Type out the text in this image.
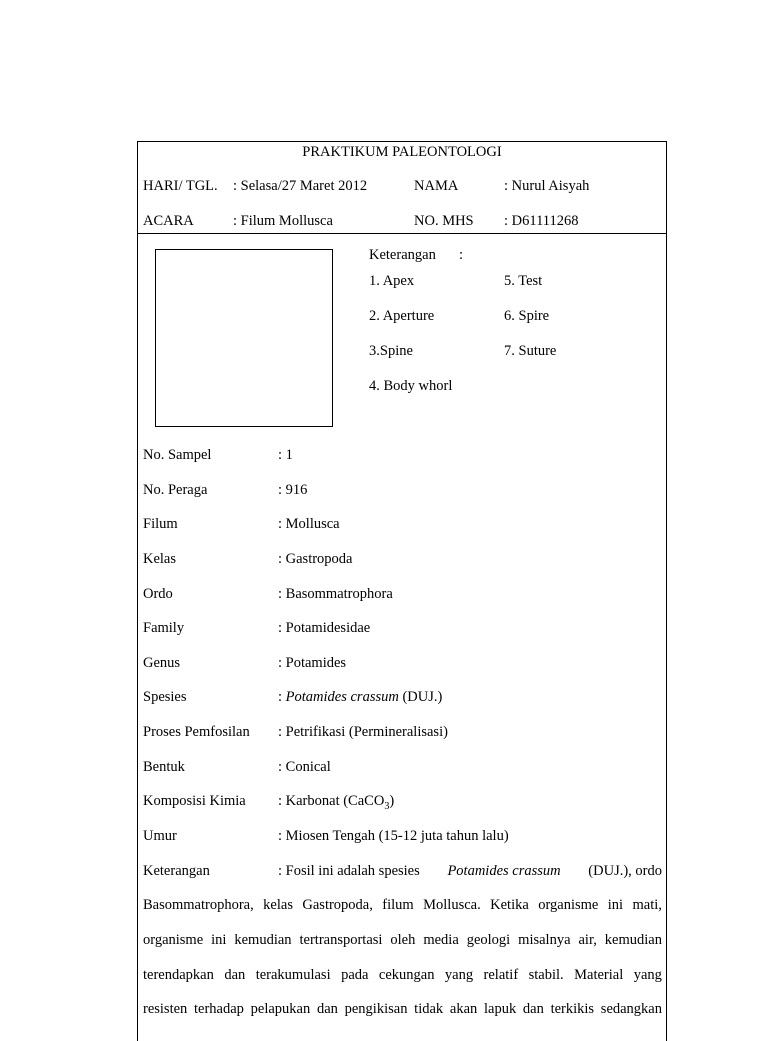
PRAKTIKUM PALEONTOLOGI
HARI/ TGL. : Selasa/27 Maret 2012	NAMA	: Nurul Aisyah
ACARA	: Filum Mollusca	NO. MHS : D61111268
Keterangan :
1. Apex
2. Aperture
3.Spine
4. Body whorl
5. Test
6. Spire
7. Suture
No. Sampel	: 1
No. Peraga	: 916
Filum	: Mollusca
Kelas	: Gastropoda
Ordo	: Basommatrophora
Family	: Potamidesidae
Genus	: Potamides
Spesies	: Potamides crassum (DUJ.)
Proses Pemfosilan : Petrifikasi (Permineralisasi)
Bentuk	: Conical
Komposisi Kimia : Karbonat (CaCO$_3$)
Umur	: Miosen Tengah (15-12 juta tahun lalu)
Keterangan	: Fosil ini adalah spesies Potamides crassum (DUJ.), ordo
Basommatrophora, kelas Gastropoda, filum Mollusca. Ketika organisme ini mati,
organisme ini kemudian tertransportasi oleh media geologi misalnya air, kemudian
terendapkan dan terakumulasi pada cekungan yang relatif stabil. Material yang
resisten terhadap pelapukan dan pengikisan tidak akan lapuk dan terkikis sedangkan
